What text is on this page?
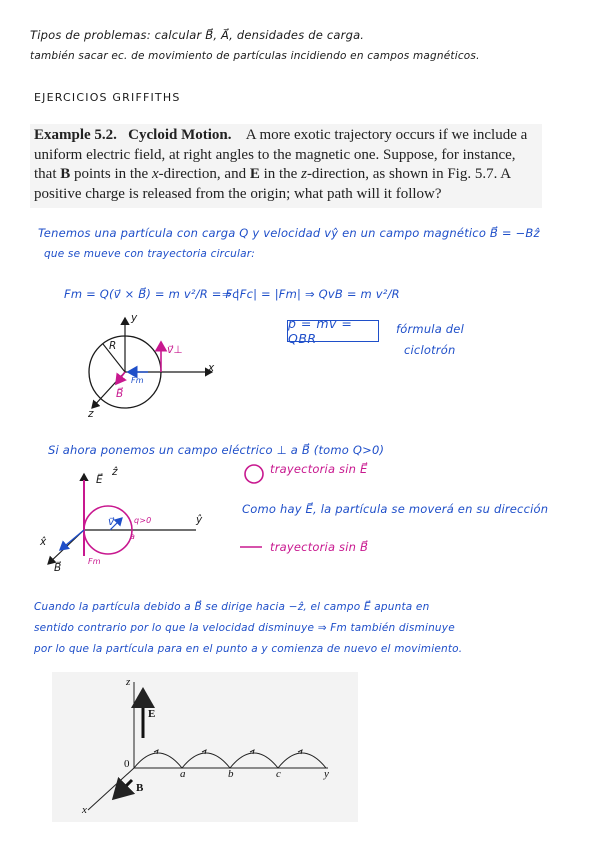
Tipos de problemas: calcular B⃗, A⃗, densidades de carga.
también sacar ec. de movimiento de partículas incidiendo en campos magnéticos.
EJERCICIOS GRIFFITHS
Example 5.2. Cycloid Motion. A more exotic trajectory occurs if we include a uniform electric field, at right angles to the magnetic one. Suppose, for instance, that B points in the x-direction, and E in the z-direction, as shown in Fig. 5.7. A positive charge is released from the origin; what path will it follow?
Tenemos una partícula con carga Q y velocidad vŷ en un campo magnético B⃗ = −Bẑ
que se mueve con trayectoria circular:
Fm = Q(v⃗ × B⃗) = m v²/R = Fc
⇒ |Fc| = |Fm| ⇒ QvB = m v²/R
p = mv = QBR
fórmula del
ciclotrón
y
x
z
R	v⃗⊥
B⃗
Fm
Si ahora ponemos un campo eléctrico ⊥ a B⃗ (tomo Q>0)
E⃗
ẑ
ŷ
x̂
B⃗
v⃗ q>0
a
Fm
trayectoria sin E⃗
Como hay E⃗, la partícula se moverá en su dirección
trayectoria sin B⃗
Cuando la partícula debido a B⃗ se dirige hacia −ẑ, el campo E⃗ apunta en
sentido contrario por lo que la velocidad disminuye ⇒ Fm también disminuye
por lo que la partícula para en el punto a y comienza de nuevo el movimiento.
z
E
0
a	b	c	y
B
x
